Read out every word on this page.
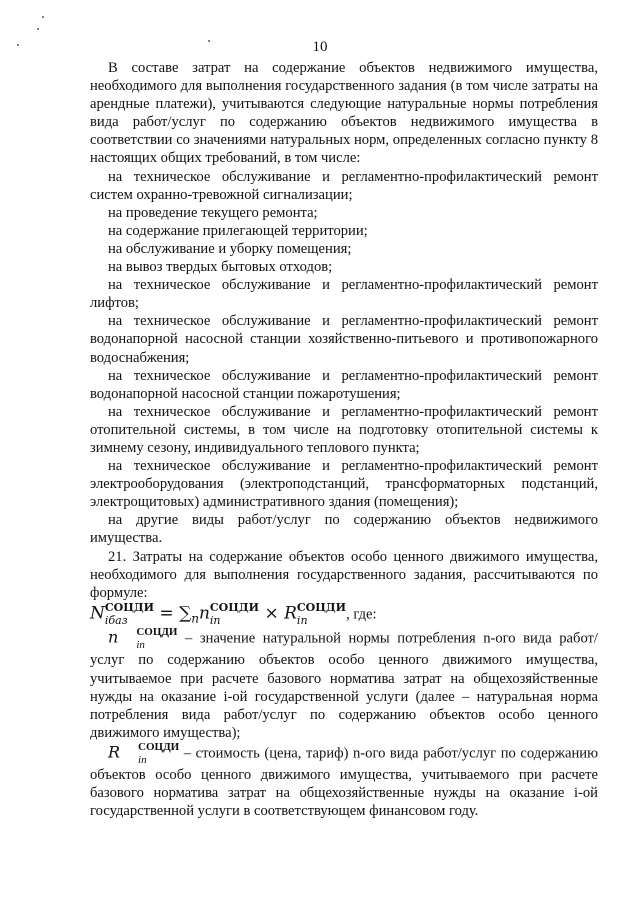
10

В составе затрат на содержание объектов недвижимого имущества, необходимого для выполнения государственного задания (в том числе затраты на арендные платежи), учитываются следующие натуральные нормы потребления вида работ/услуг по содержанию объектов недвижимого имущества в соответствии со значениями натуральных норм, определенных согласно пункту 8 настоящих общих требований, в том числе:

на техническое обслуживание и регламентно-профилактический ремонт систем охранно-тревожной сигнализации;

на проведение текущего ремонта;

на содержание прилегающей территории;

на обслуживание и уборку помещения;

на вывоз твердых бытовых отходов;

на техническое обслуживание и регламентно-профилактический ремонт лифтов;

на техническое обслуживание и регламентно-профилактический ремонт водонапорной насосной станции хозяйственно-питьевого и противопожарного водоснабжения;

на техническое обслуживание и регламентно-профилактический ремонт водонапорной насосной станции пожаротушения;

на техническое обслуживание и регламентно-профилактический ремонт отопительной системы, в том числе на подготовку отопительной системы к зимнему сезону, индивидуального теплового пункта;

на техническое обслуживание и регламентно-профилактический ремонт электрооборудования (электроподстанций, трансформаторных подстанций, электрощитовых) административного здания (помещения);

на другие виды работ/услуг по содержанию объектов недвижимого имущества.

21. Затраты на содержание объектов особо ценного движимого имущества, необходимого для выполнения государственного задания, рассчитываются по формуле:

N СОЦДИ
iбаз	= $\sum_nn$ СОЦДИ
in	× R СОЦДИ
in	, где:

n	СОЦДИ
in	– значение натуральной нормы потребления n-ого вида работ/услуг по содержанию объектов особо ценного движимого имущества, учитываемое при расчете базового норматива затрат на общехозяйственные нужды на оказание i-ой государственной услуги (далее – натуральная норма потребления вида работ/услуг по содержанию объектов особо ценного движимого имущества);

R	СОЦДИ
in	– стоимость (цена, тариф) n-ого вида работ/услуг по содержанию объектов особо ценного движимого имущества, учитываемого при расчете базового норматива затрат на общехозяйственные нужды на оказание i-ой государственной услуги в соответствующем финансовом году.
